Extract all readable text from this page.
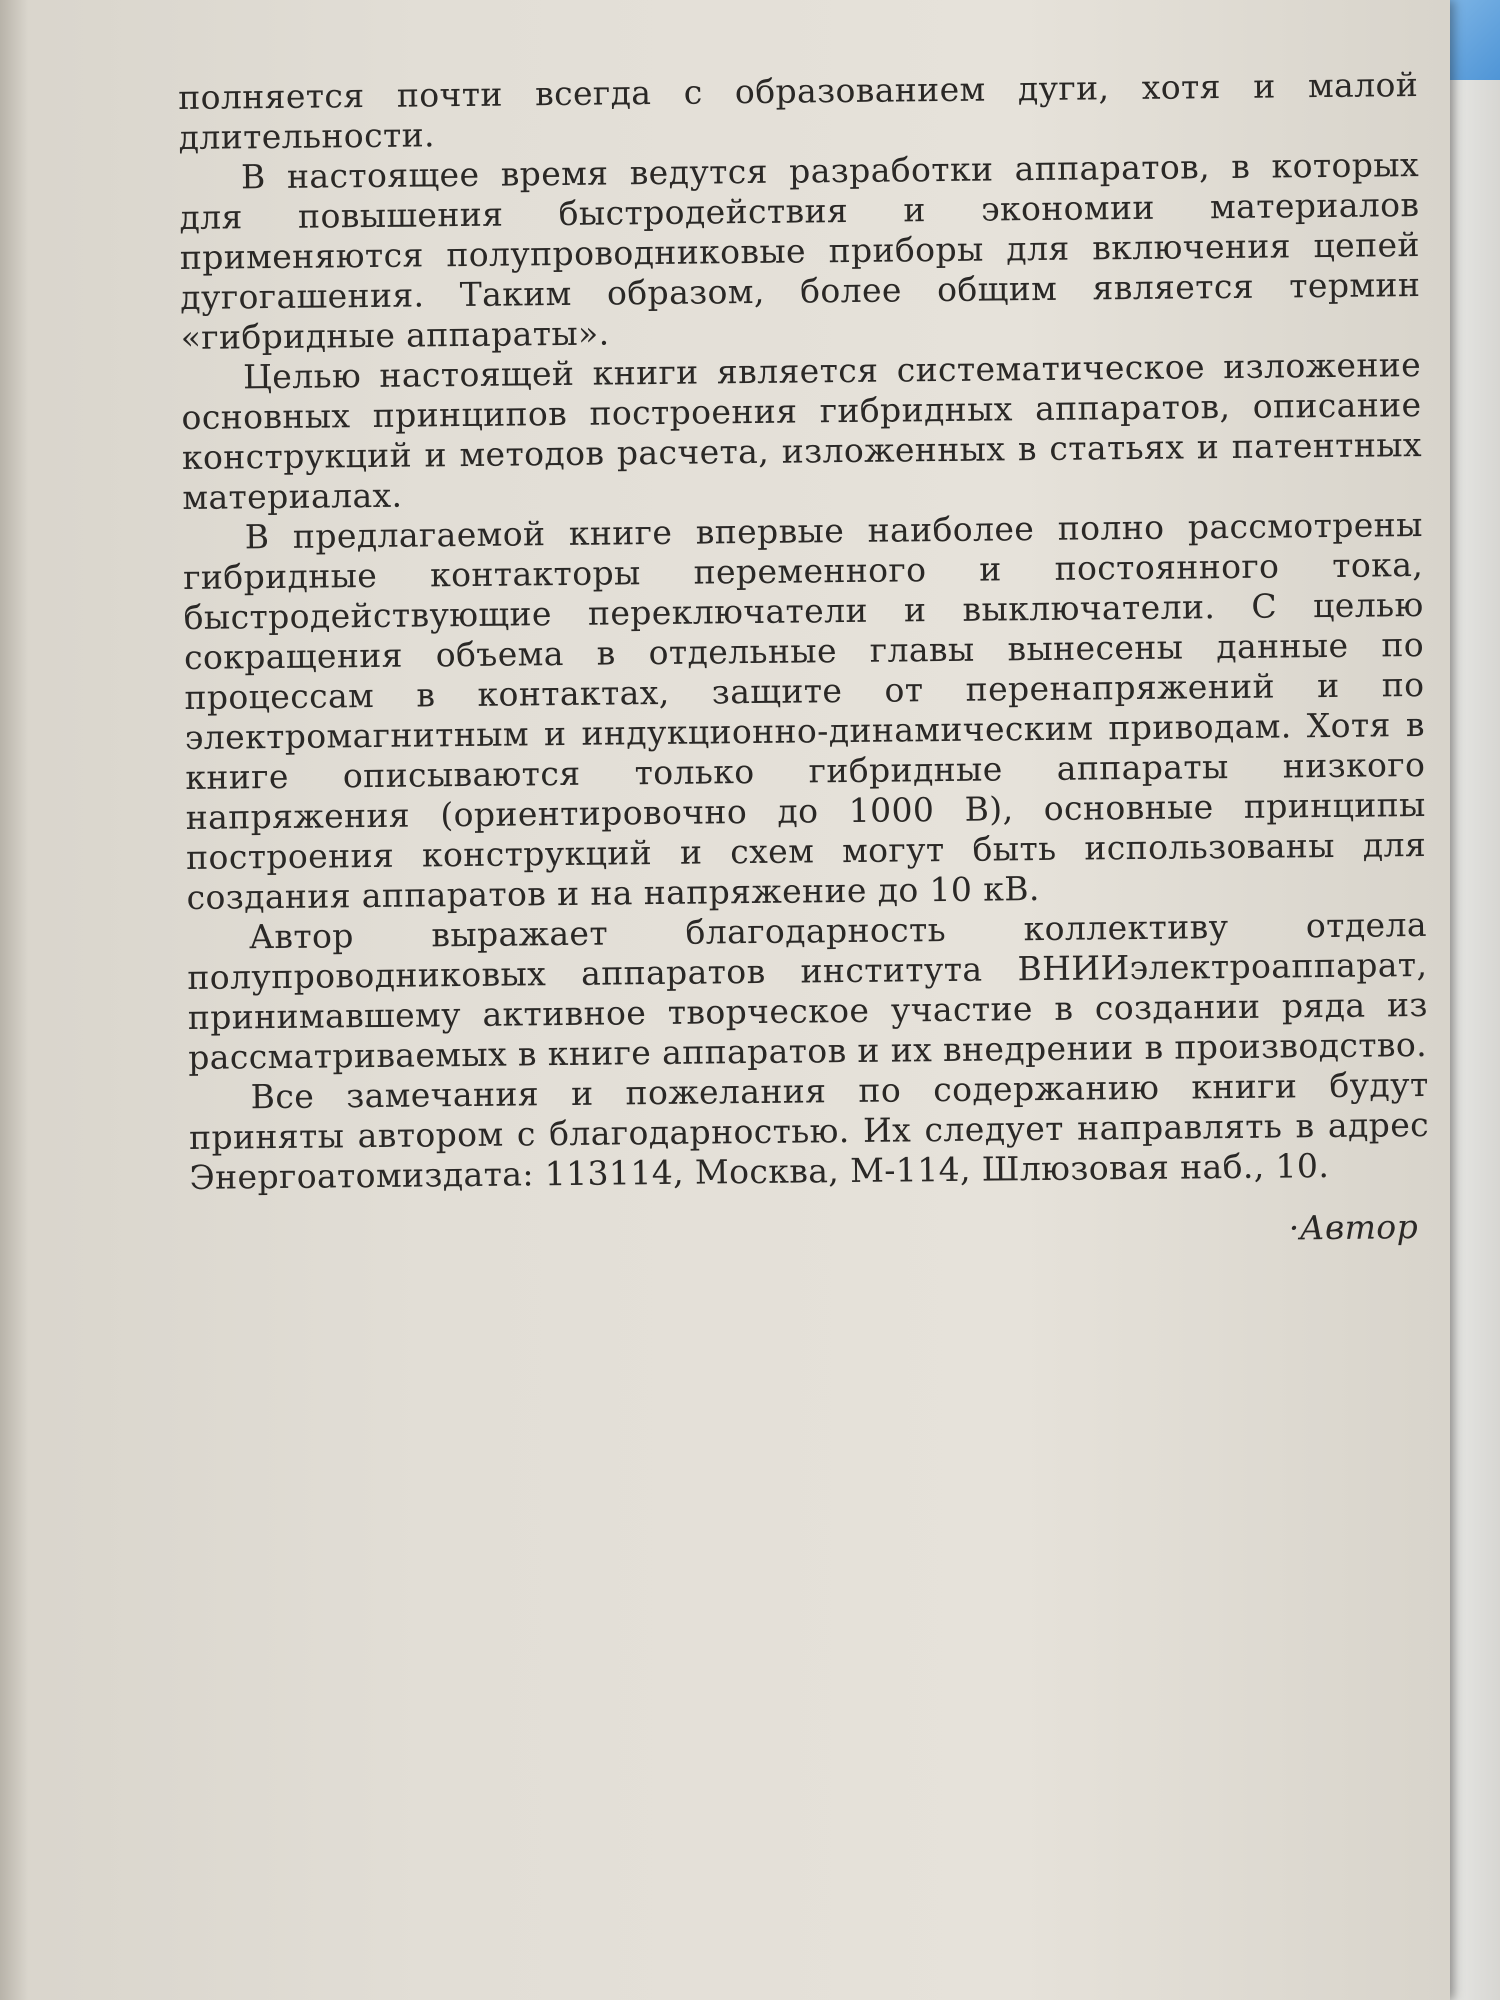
полняется почти всегда с образованием дуги, хотя и малой длительности.

В настоящее время ведутся разработки аппаратов, в которых для повышения быстродействия и экономии материалов применяются полупроводниковые приборы для включения цепей дугогашения. Таким образом, более общим является термин «гибридные аппараты».

Целью настоящей книги является систематическое изложение основных принципов построения гибридных аппаратов, описание конструкций и методов расчета, изложенных в статьях и патентных материалах.

В предлагаемой книге впервые наиболее полно рассмотрены гибридные контакторы переменного и постоянного тока, быстродействующие переключатели и выключатели. С целью сокращения объема в отдельные главы вынесены данные по процессам в контактах, защите от перенапряжений и по электромагнитным и индукционно-динамическим приводам. Хотя в книге описываются только гибридные аппараты низкого напряжения (ориентировочно до 1000 В), основные принципы построения конструкций и схем могут быть использованы для создания аппаратов и на напряжение до 10 кВ.

Автор выражает благодарность коллективу отдела полупроводниковых аппаратов института ВНИИэлектроаппарат, принимавшему активное творческое участие в создании ряда из рассматриваемых в книге аппаратов и их внедрении в производство.

Все замечания и пожелания по содержанию книги будут приняты автором с благодарностью. Их следует направлять в адрес Энергоатомиздата: 113114, Москва, М-114, Шлюзовая наб., 10.

·Автор
